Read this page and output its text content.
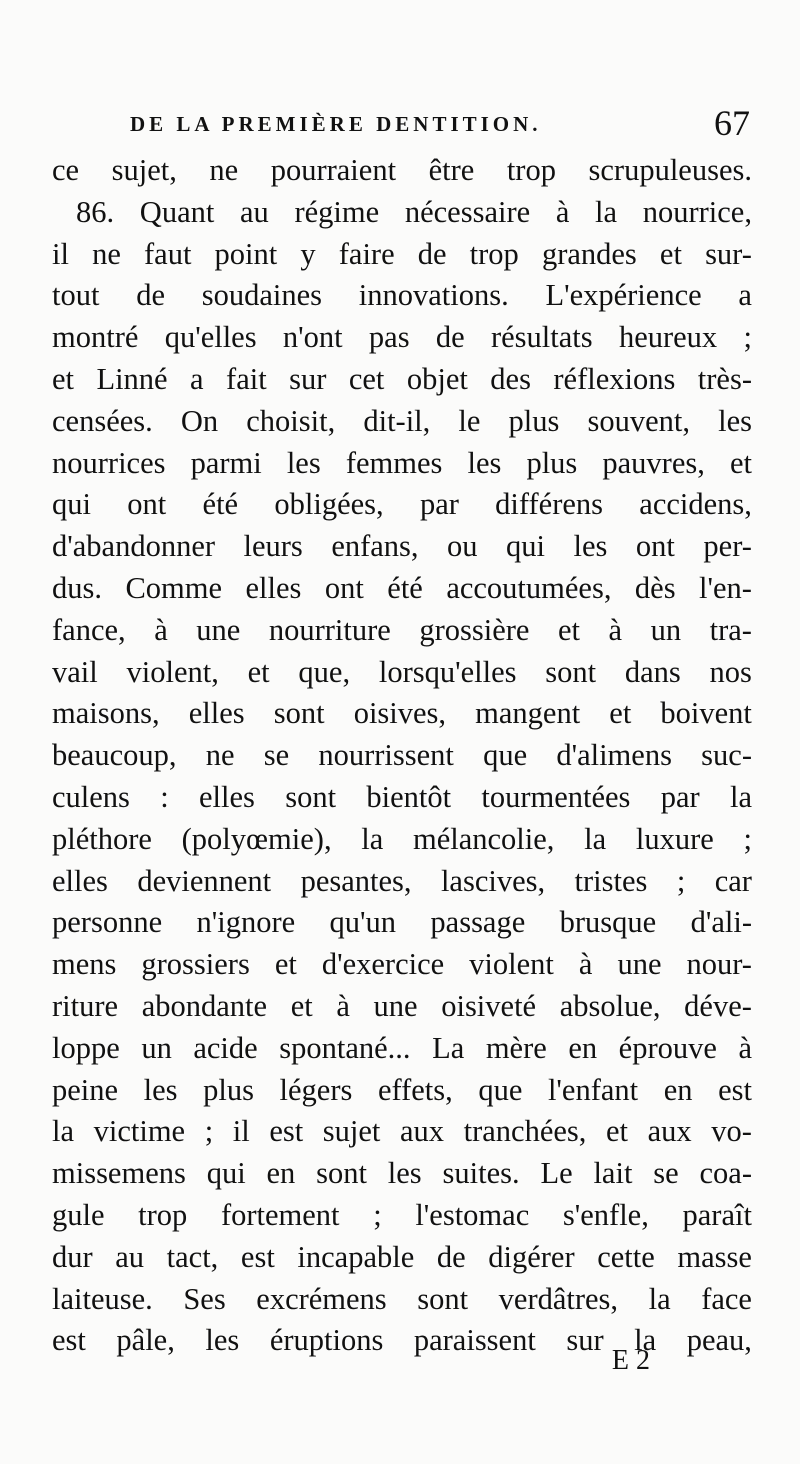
DE LA PREMIÈRE DENTITION.	67
ce sujet, ne pourraient être trop scrupuleuses.
86. Quant au régime nécessaire à la nourrice,
il ne faut point y faire de trop grandes et sur-
tout de soudaines innovations. L'expérience a
montré qu'elles n'ont pas de résultats heureux ;
et Linné a fait sur cet objet des réflexions très-
censées. On choisit, dit-il, le plus souvent, les
nourrices parmi les femmes les plus pauvres, et
qui ont été obligées, par différens accidens,
d'abandonner leurs enfans, ou qui les ont per-
dus. Comme elles ont été accoutumées, dès l'en-
fance, à une nourriture grossière et à un tra-
vail violent, et que, lorsqu'elles sont dans nos
maisons, elles sont oisives, mangent et boivent
beaucoup, ne se nourrissent que d'alimens suc-
culens : elles sont bientôt tourmentées par la
pléthore (polyœmie), la mélancolie, la luxure ;
elles deviennent pesantes, lascives, tristes ; car
personne n'ignore qu'un passage brusque d'ali-
mens grossiers et d'exercice violent à une nour-
riture abondante et à une oisiveté absolue, déve-
loppe un acide spontané... La mère en éprouve à
peine les plus légers effets, que l'enfant en est
la victime ; il est sujet aux tranchées, et aux vo-
missemens qui en sont les suites. Le lait se coa-
gule trop fortement ; l'estomac s'enfle, paraît
dur au tact, est incapable de digérer cette masse
laiteuse. Ses excrémens sont verdâtres, la face
est pâle, les éruptions paraissent sur la peau,
E 2
